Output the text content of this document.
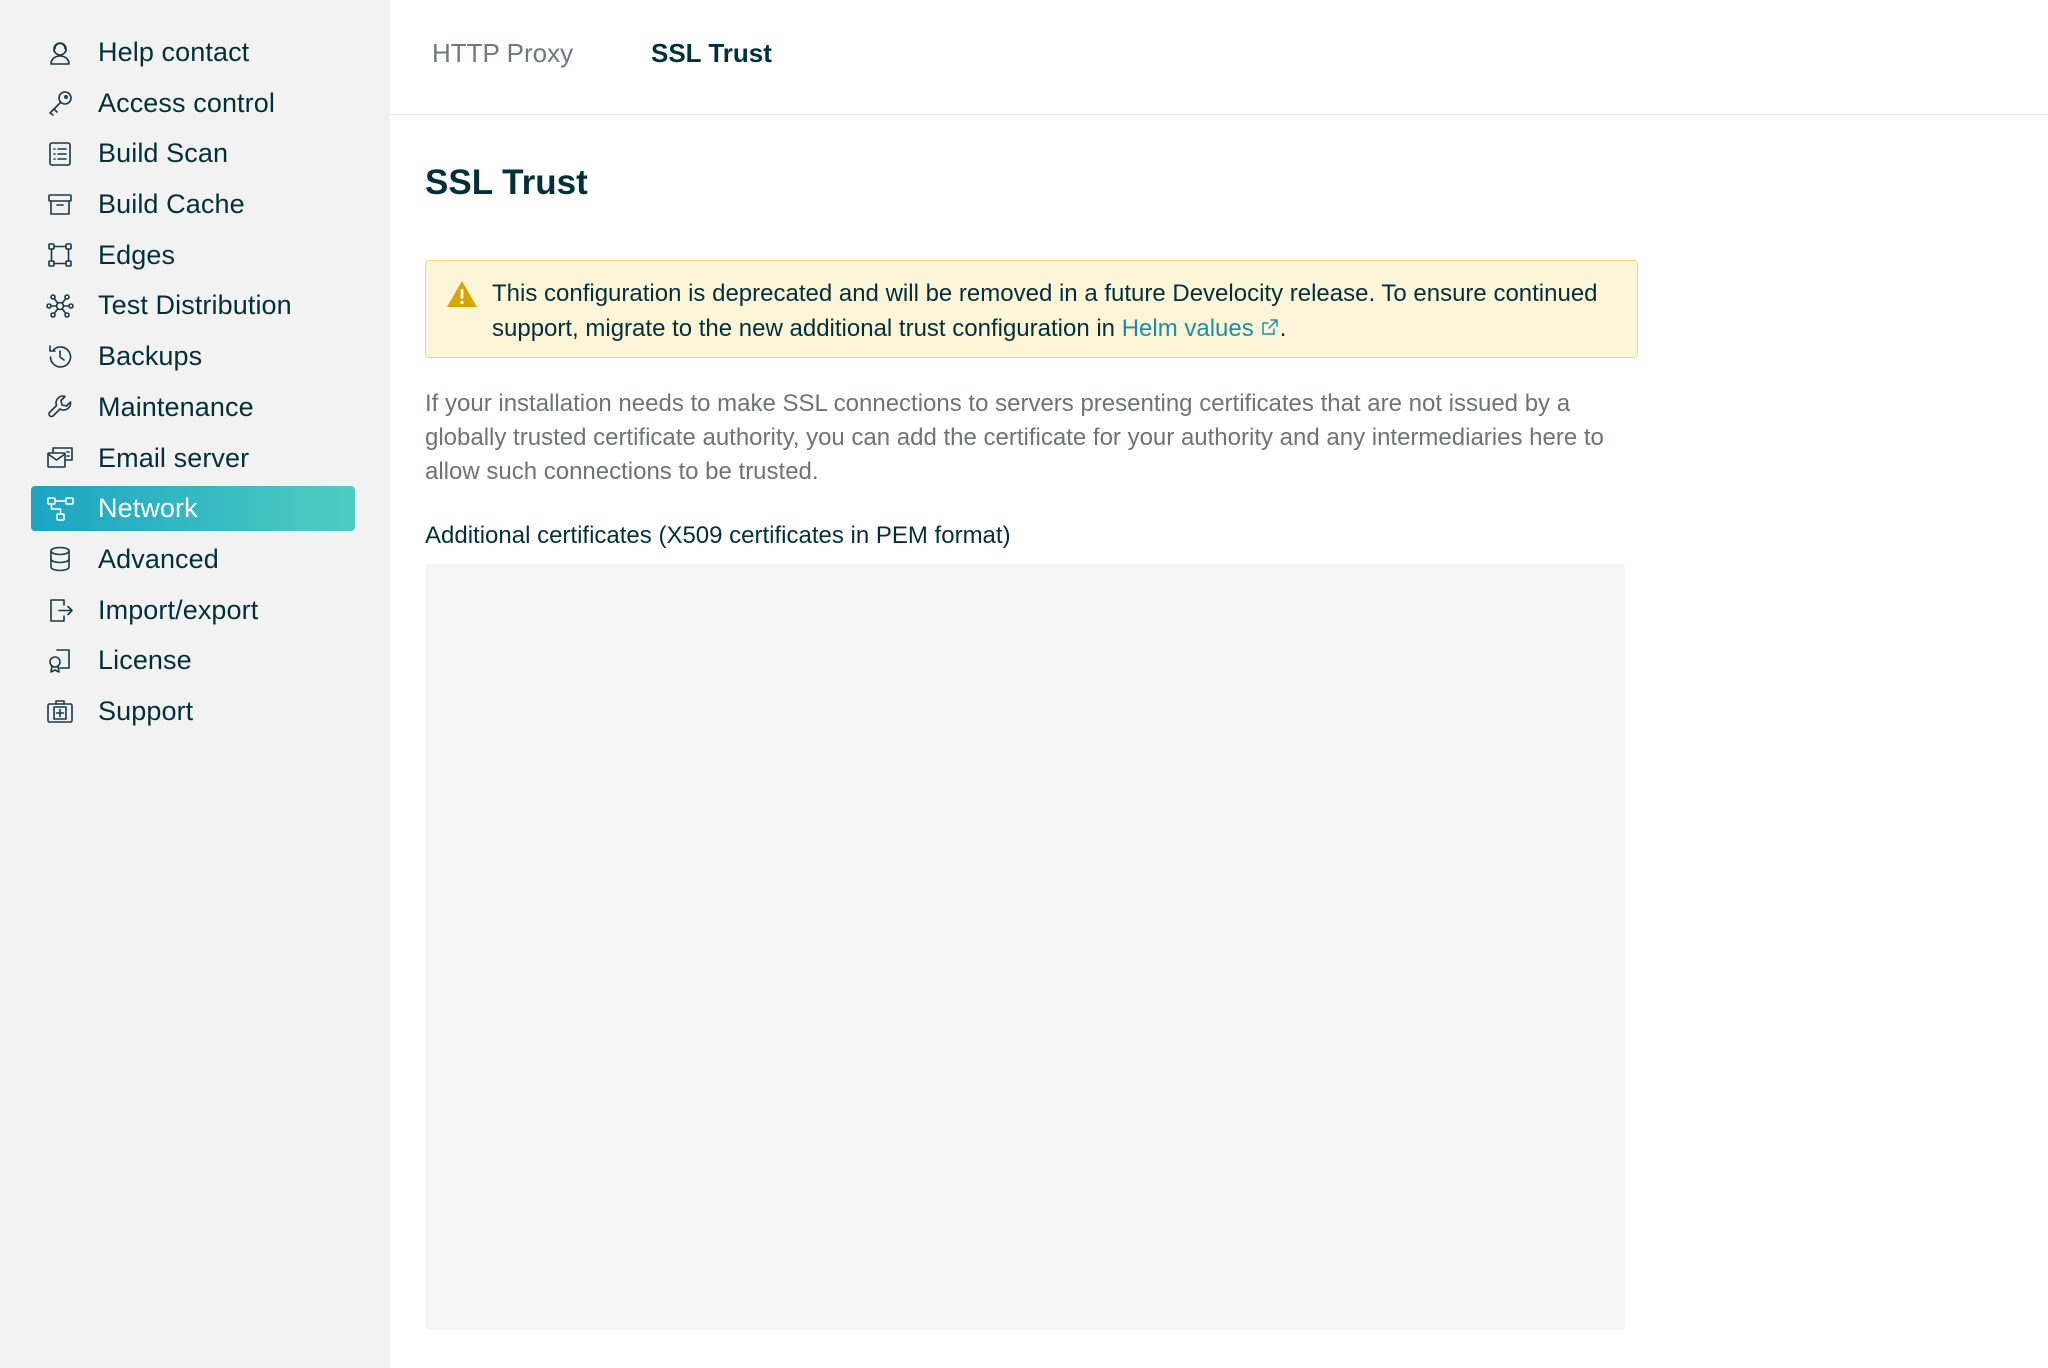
Help contact
Access control
Build Scan
Build Cache
Edges
Test Distribution
Backups
Maintenance
Email server
Network
Advanced
Import/export
License
Support
HTTP Proxy	SSL Trust
SSL Trust
This configuration is deprecated and will be removed in a future Develocity release. To ensure continued support, migrate to the new additional trust configuration in Helm values .

If your installation needs to make SSL connections to servers presenting certificates that are not issued by a globally trusted certificate authority, you can add the certificate for your authority and any intermediaries here to allow such connections to be trusted.

Additional certificates (X509 certificates in PEM format)
